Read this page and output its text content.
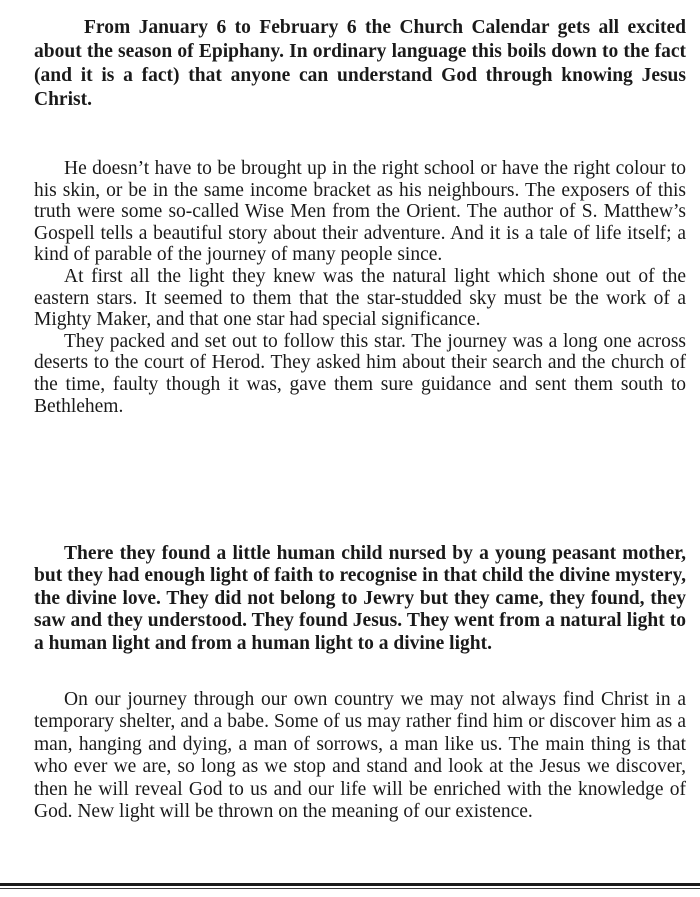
From January 6 to February 6 the Church Calendar gets all excited about the season of Epiphany. In ordinary language this boils down to the fact (and it is a fact) that anyone can understand God through knowing Jesus Christ.

He doesn’t have to be brought up in the right school or have the right colour to his skin, or be in the same income bracket as his neighbours. The exposers of this truth were some so-called Wise Men from the Orient. The author of S. Matthew’s Gospell tells a beautiful story about their adventure. And it is a tale of life itself; a kind of parable of the journey of many people since.

At first all the light they knew was the natural light which shone out of the eastern stars. It seemed to them that the star-studded sky must be the work of a Mighty Maker, and that one star had special significance.

They packed and set out to follow this star. The journey was a long one across deserts to the court of Herod. They asked him about their search and the church of the time, faulty though it was, gave them sure guidance and sent them south to Bethlehem.

There they found a little human child nursed by a young peasant mother, but they had enough light of faith to recognise in that child the divine mystery, the divine love. They did not belong to Jewry but they came, they found, they saw and they understood. They found Jesus. They went from a natural light to a human light and from a human light to a divine light.

On our journey through our own country we may not always find Christ in a temporary shelter, and a babe. Some of us may rather find him or discover him as a man, hanging and dying, a man of sorrows, a man like us. The main thing is that who ever we are, so long as we stop and stand and look at the Jesus we discover, then he will reveal God to us and our life will be enriched with the knowledge of God. New light will be thrown on the meaning of our existence.
